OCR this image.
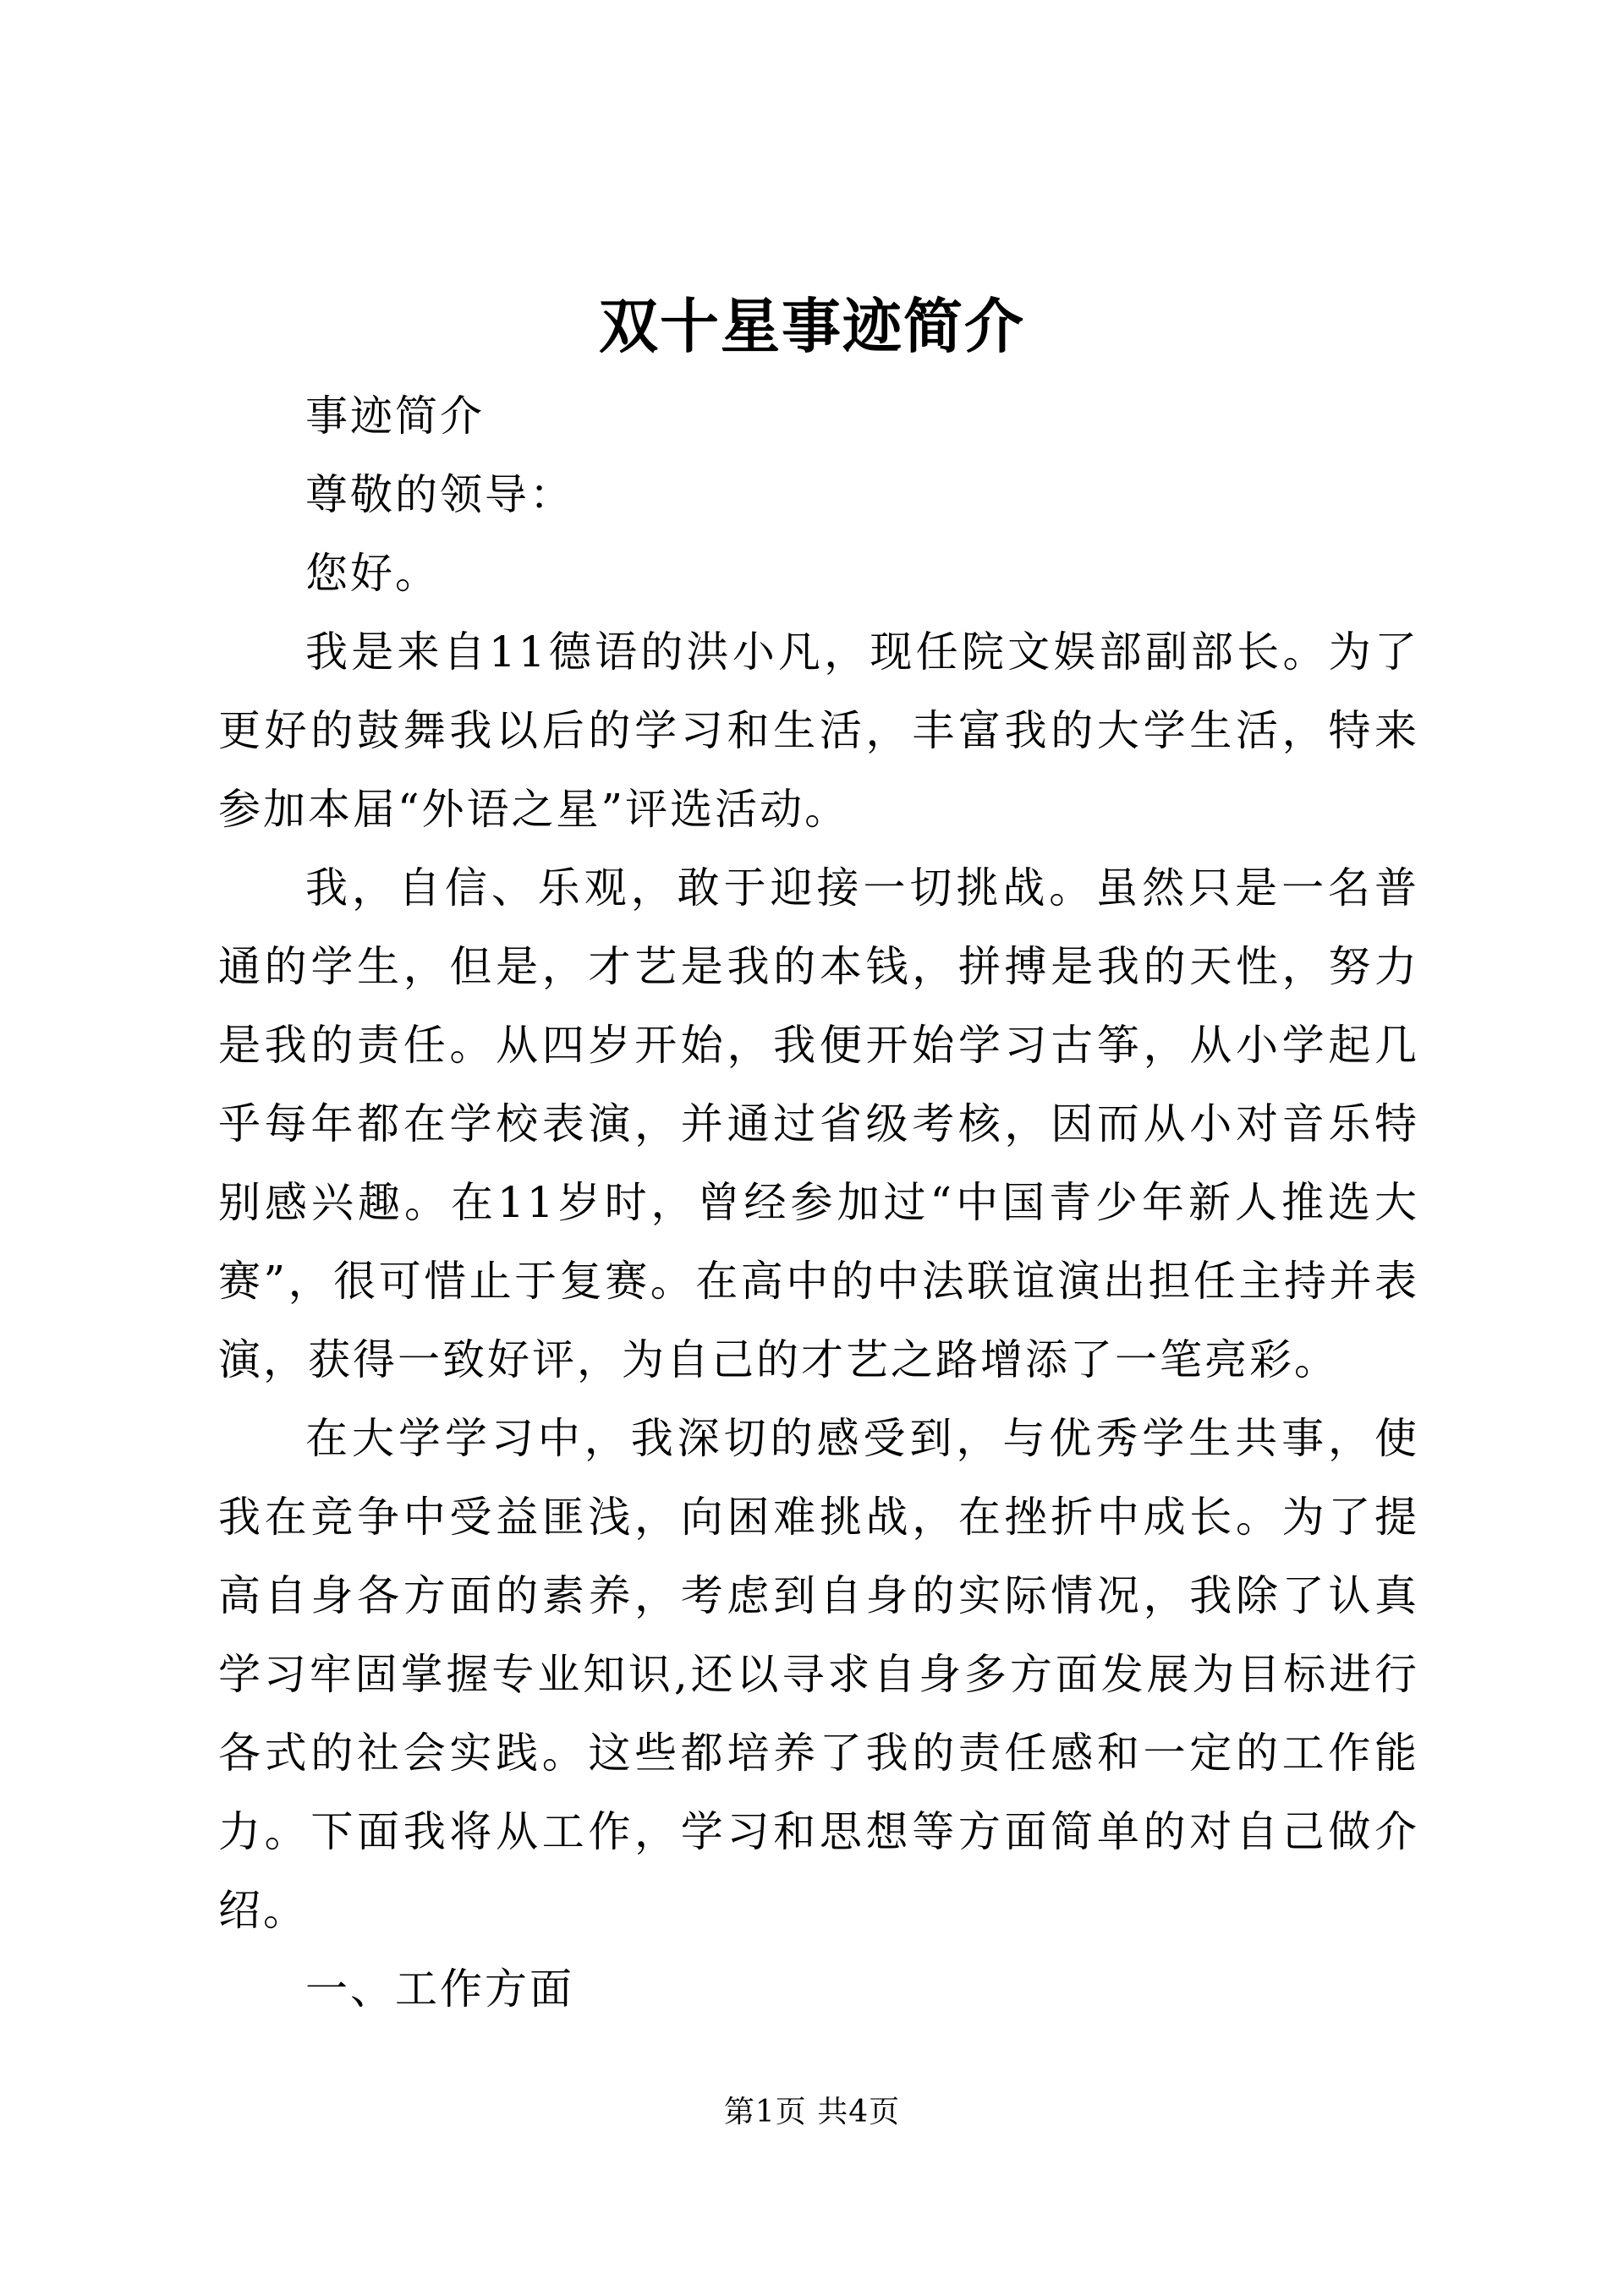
双十星事迹简介

事迹简介

尊敬的领导：

您好。

我是来自11德语的洪小凡，现任院文娱部副部长。为了更好的鼓舞我以后的学习和生活，丰富我的大学生活，特来参加本届“外语之星”评选活动。

我，自信、乐观，敢于迎接一切挑战。虽然只是一名普通的学生，但是，才艺是我的本钱，拼搏是我的天性，努力是我的责任。从四岁开始，我便开始学习古筝，从小学起几乎每年都在学校表演，并通过省级考核，因而从小对音乐特别感兴趣。在11岁时，曾经参加过“中国青少年新人推选大赛”，很可惜止于复赛。在高中的中法联谊演出担任主持并表演，获得一致好评，为自己的才艺之路增添了一笔亮彩。

在大学学习中，我深切的感受到，与优秀学生共事，使我在竞争中受益匪浅，向困难挑战，在挫折中成长。为了提高自身各方面的素养，考虑到自身的实际情况，我除了认真学习牢固掌握专业知识,还以寻求自身多方面发展为目标进行各式的社会实践。这些都培养了我的责任感和一定的工作能力。下面我将从工作，学习和思想等方面简单的对自己做介绍。

一、工作方面

第1页 共4页
